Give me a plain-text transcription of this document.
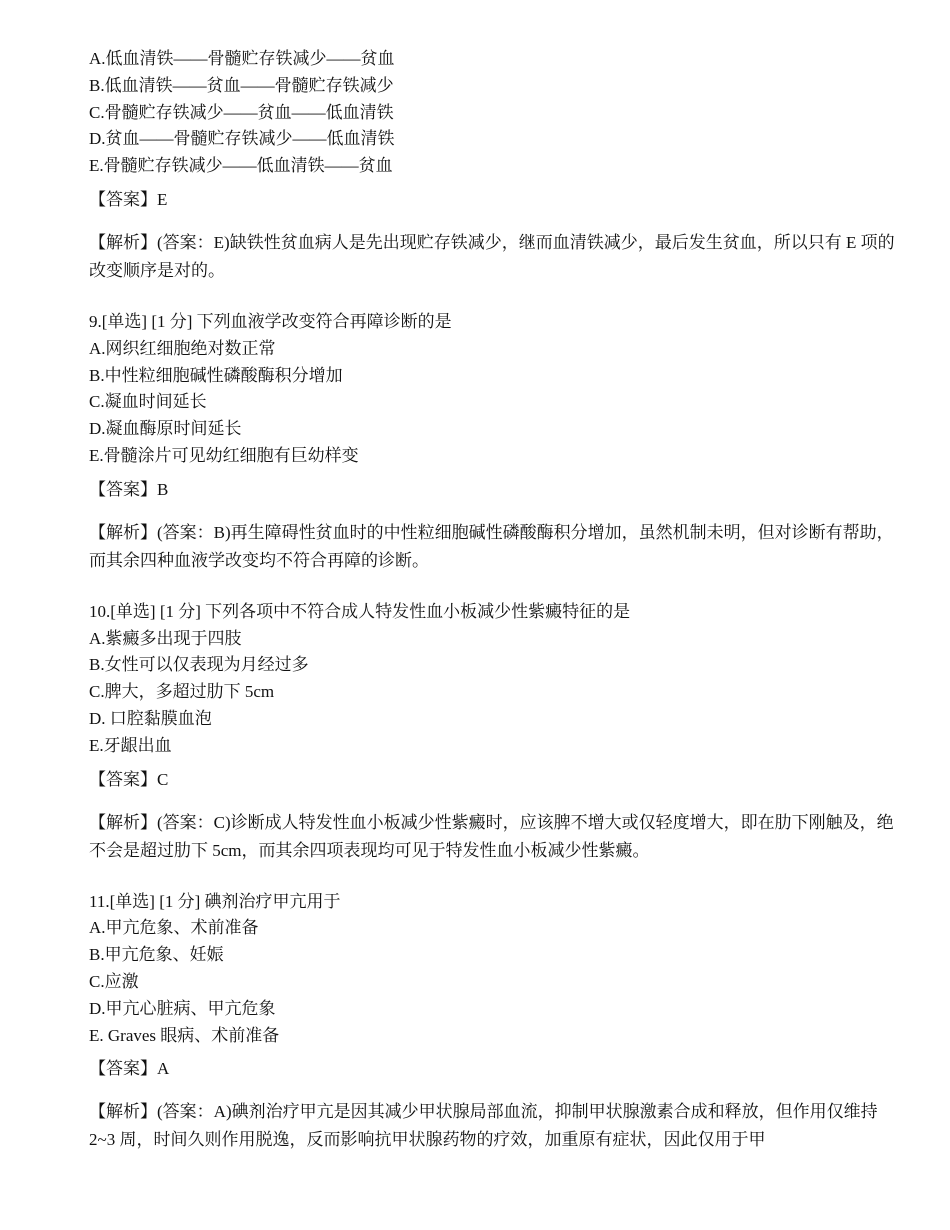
A.低血清铁——骨髓贮存铁减少——贫血
B.低血清铁——贫血——骨髓贮存铁减少
C.骨髓贮存铁减少——贫血——低血清铁
D.贫血——骨髓贮存铁减少——低血清铁
E.骨髓贮存铁减少——低血清铁——贫血
【答案】E
【解析】(答案：E)缺铁性贫血病人是先出现贮存铁减少，继而血清铁减少，最后发生贫血，所以只有 E 项的改变顺序是对的。
9.[单选] [1 分] 下列血液学改变符合再障诊断的是
A.网织红细胞绝对数正常
B.中性粒细胞碱性磷酸酶积分增加
C.凝血时间延长
D.凝血酶原时间延长
E.骨髓涂片可见幼红细胞有巨幼样变
【答案】B
【解析】(答案：B)再生障碍性贫血时的中性粒细胞碱性磷酸酶积分增加，虽然机制未明，但对诊断有帮助，而其余四种血液学改变均不符合再障的诊断。
10.[单选] [1 分] 下列各项中不符合成人特发性血小板减少性紫癜特征的是
A.紫癜多出现于四肢
B.女性可以仅表现为月经过多
C.脾大，多超过肋下 5cm
D. 口腔黏膜血泡
E.牙龈出血
【答案】C
【解析】(答案：C)诊断成人特发性血小板减少性紫癜时，应该脾不增大或仅轻度增大，即在肋下刚触及，绝不会是超过肋下 5cm，而其余四项表现均可见于特发性血小板减少性紫癜。
11.[单选] [1 分] 碘剂治疗甲亢用于
A.甲亢危象、术前准备
B.甲亢危象、妊娠
C.应激
D.甲亢心脏病、甲亢危象
E. Graves 眼病、术前准备
【答案】A
【解析】(答案：A)碘剂治疗甲亢是因其减少甲状腺局部血流，抑制甲状腺激素合成和释放，但作用仅维持 2~3 周，时间久则作用脱逸，反而影响抗甲状腺药物的疗效，加重原有症状，因此仅用于甲
